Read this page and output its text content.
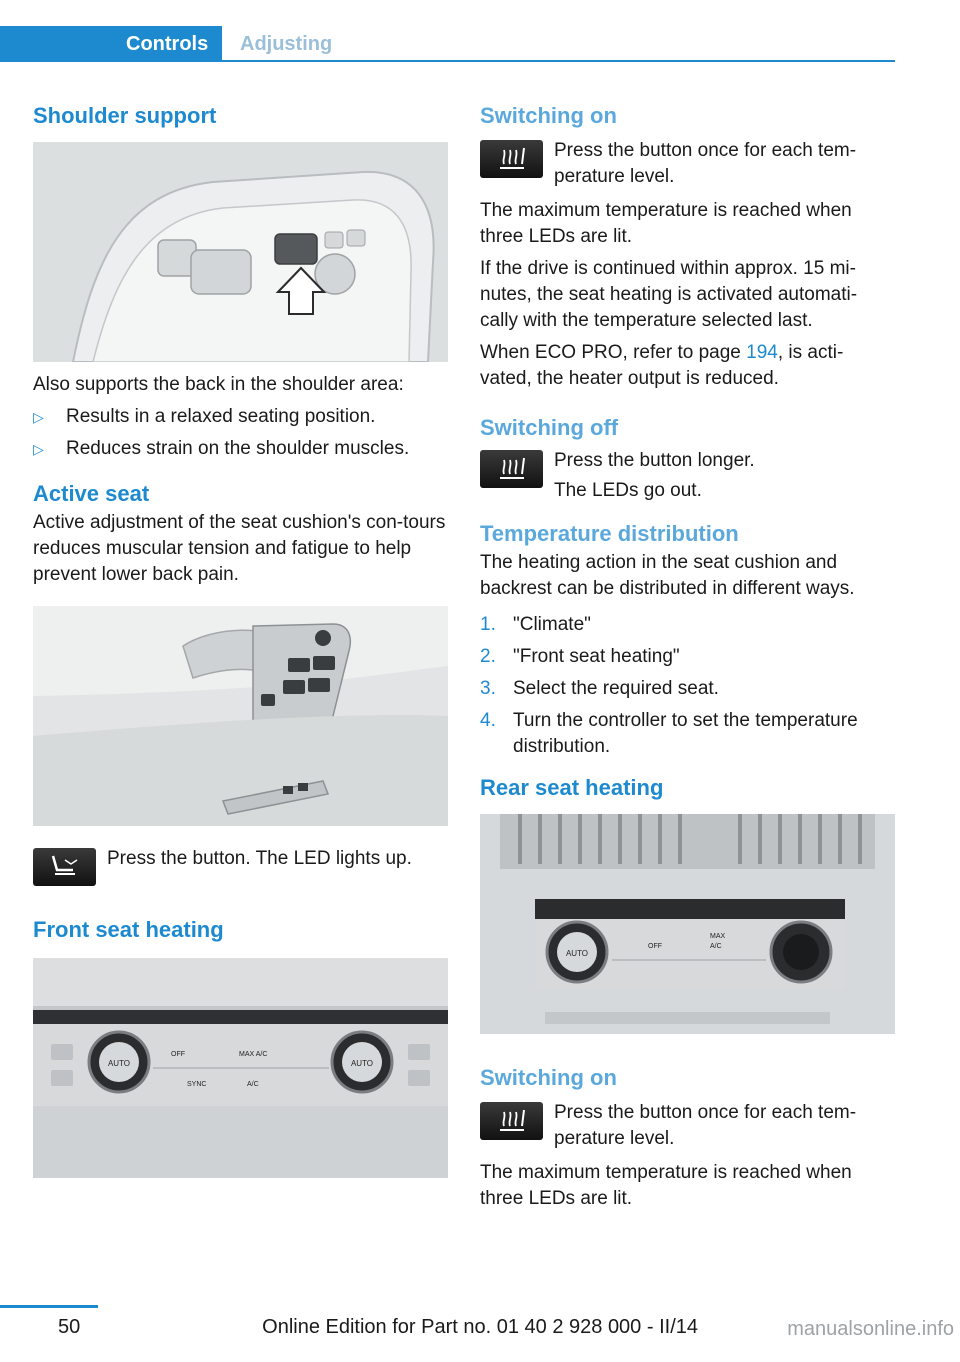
Controls	Adjusting
Shoulder support

Also supports the back in the shoulder area:

▷ Results in a relaxed seating position.
▷ Reduces strain on the shoulder muscles.
Active seat

Active adjustment of the seat cushion's con-tours reduces muscular tension and fatigue to help prevent lower back pain.

Press the button. The LED lights up.

Front seat heating
AUTO	AUTO
OFF	MAX A/C
SYNC	A/C
Switching on

Press the button once for each tem-perature level.

The maximum temperature is reached when three LEDs are lit.

If the drive is continued within approx. 15 mi-nutes, the seat heating is activated automati-cally with the temperature selected last.

When ECO PRO, refer to page 194, is acti-vated, the heater output is reduced.

Switching off

Press the button longer.

The LEDs go out.

Temperature distribution

The heating action in the seat cushion and backrest can be distributed in different ways.

1. "Climate"
2. "Front seat heating"
3. Select the required seat.
4. Turn the controller to set the temperature distribution.
Rear seat heating
AUTO
OFF
MAX
A/C
Switching on

Press the button once for each tem-perature level.

The maximum temperature is reached when three LEDs are lit.

50	Online Edition for Part no. 01 40 2 928 000 - II/14	manualsonline.info
